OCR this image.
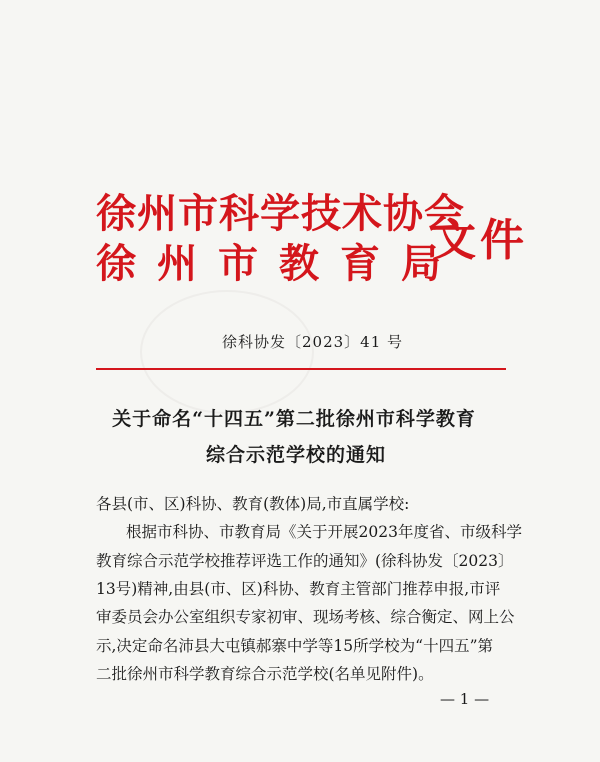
徐州市科学技术协会
徐州市教育局
文件
徐科协发〔2023〕41 号
关于命名“十四五”第二批徐州市科学教育
综合示范学校的通知
各县(市、区)科协、教育(教体)局,市直属学校:
根据市科协、市教育局《关于开展2023年度省、市级科学
教育综合示范学校推荐评选工作的通知》(徐科协发〔2023〕
13号)精神,由县(市、区)科协、教育主管部门推荐申报,市评
审委员会办公室组织专家初审、现场考核、综合衡定、网上公
示,决定命名沛县大屯镇郝寨中学等15所学校为“十四五”第
二批徐州市科学教育综合示范学校(名单见附件)。
— 1 —
